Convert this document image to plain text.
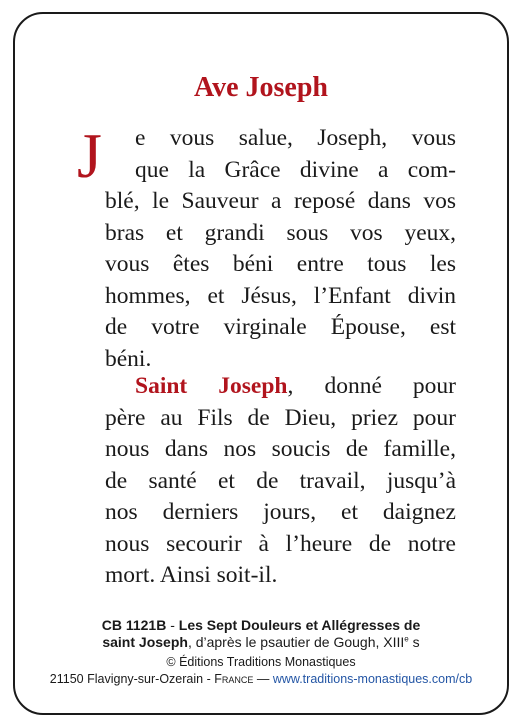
Ave Joseph
J	e vous salue, Joseph, vous
que la Grâce divine a com-
blé, le Sauveur a reposé dans vos
bras et grandi sous vos yeux,
vous êtes béni entre tous les
hommes, et Jésus, l’Enfant divin
de votre virginale Épouse, est
béni.
Saint Joseph, donné pour
père au Fils de Dieu, priez pour
nous dans nos soucis de famille,
de santé et de travail, jusqu’à
nos derniers jours, et daignez
nous secourir à l’heure de notre
mort. Ainsi soit-il.
CB 1121B - Les Sept Douleurs et Allégresses de
saint Joseph, d’après le psautier de Gough, XIIIe s
© Éditions Traditions Monastiques
21150 Flavigny-sur-Ozerain - France — www.traditions-monastiques.com/cb
